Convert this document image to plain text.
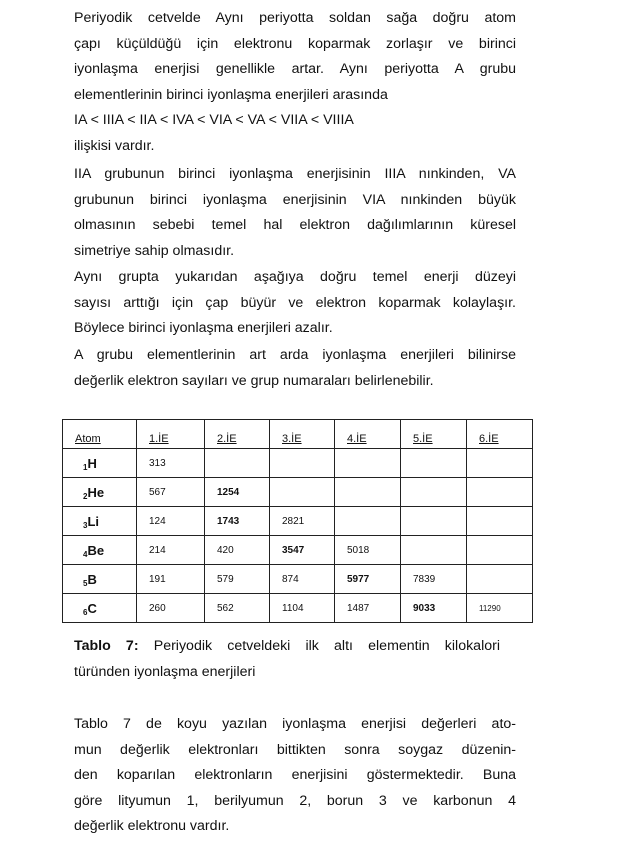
Periyodik cetvelde Aynı periyotta soldan sağa doğru atom
çapı küçüldüğü için elektronu koparmak zorlaşır ve birinci
iyonlaşma enerjisi genellikle artar. Aynı periyotta A grubu
elementlerinin birinci iyonlaşma enerjileri arasında
IA < IIIA < IIA < IVA < VIA < VA < VIIA < VIIIA
ilişkisi vardır.

IIA grubunun birinci iyonlaşma enerjisinin IIIA nınkinden, VA
grubunun birinci iyonlaşma enerjisinin VIA nınkinden büyük
olmasının sebebi temel hal elektron dağılımlarının küresel
simetriye sahip olmasıdır.

Aynı grupta yukarıdan aşağıya doğru temel enerji düzeyi
sayısı arttığı için çap büyür ve elektron koparmak kolaylaşır.
Böylece birinci iyonlaşma enerjileri azalır.

A grubu elementlerinin art arda iyonlaşma enerjileri bilinirse
değerlik elektron sayıları ve grup numaraları belirlenebilir.

Atom	1.İE	2.İE	3.İE	4.İE	5.İE	6.İE
$_1$H	313					
$_2$He	567	1254				
$_3$Li	124	1743	2821			
$_4$Be	214	420	3547	5018		
$_5$B	191	579	874	5977	7839	
$_6$C	260	562	1104	1487	9033	11290

Tablo 7: Periyodik cetveldeki ilk altı elementin kilokalori
türünden iyonlaşma enerjileri

Tablo 7 de koyu yazılan iyonlaşma enerjisi değerleri ato-
mun değerlik elektronları bittikten sonra soygaz düzenin-
den koparılan elektronların enerjisini göstermektedir. Buna
göre lityumun 1, berilyumun 2, borun 3 ve karbonun 4
değerlik elektronu vardır.
